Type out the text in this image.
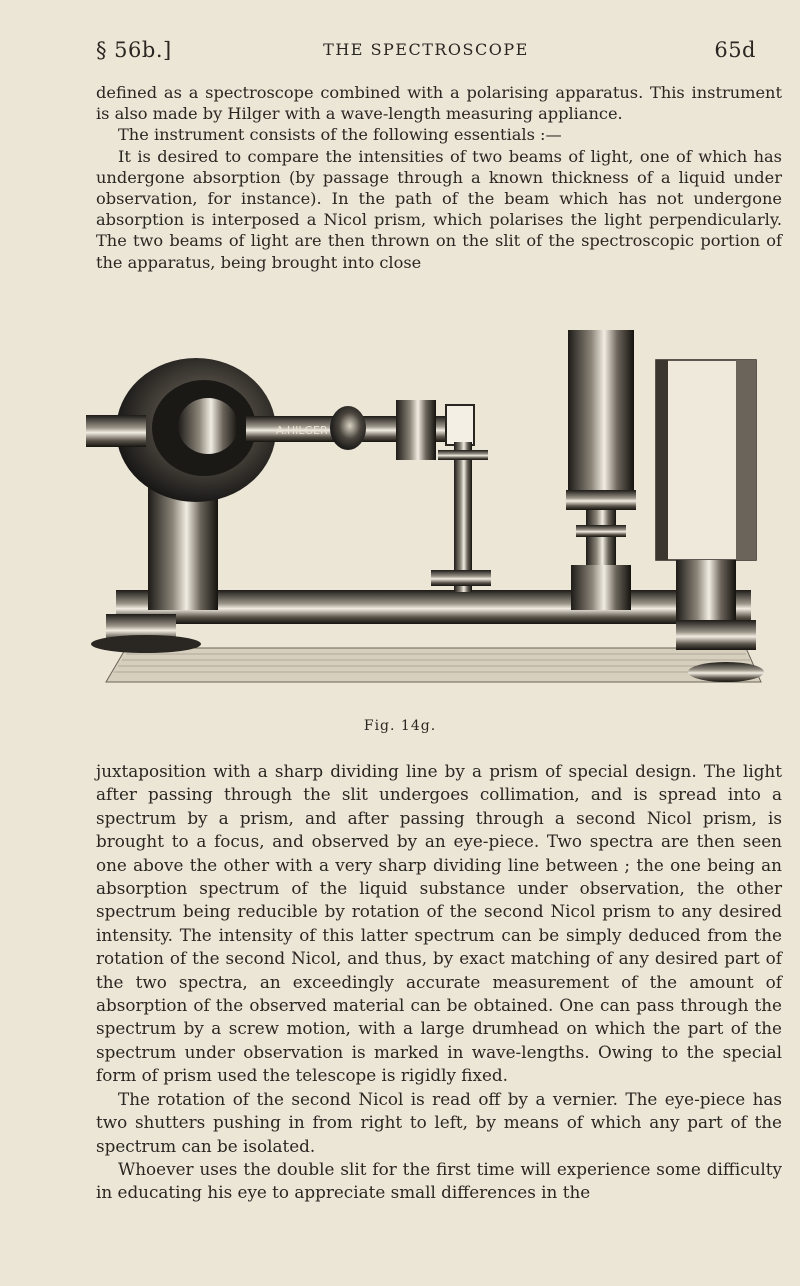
§ 56b.]	THE SPECTROSCOPE	65d

defined as a spectroscope combined with a polarising apparatus. This instrument is also made by Hilger with a wave-length measuring appliance.

The instrument consists of the following essentials :—

It is desired to compare the intensities of two beams of light, one of which has undergone absorption (by passage through a known thickness of a liquid under observation, for instance). In the path of the beam which has not undergone absorption is interposed a Nicol prism, which polarises the light perpendicularly. The two beams of light are then thrown on the slit of the spectroscopic portion of the apparatus, being brought into close

A.HILGER
Fig. 14g.

juxtaposition with a sharp dividing line by a prism of special design. The light after passing through the slit undergoes collimation, and is spread into a spectrum by a prism, and after passing through a second Nicol prism, is brought to a focus, and observed by an eye-piece. Two spectra are then seen one above the other with a very sharp dividing line between ; the one being an absorption spectrum of the liquid substance under observation, the other spectrum being reducible by rotation of the second Nicol prism to any desired intensity. The intensity of this latter spectrum can be simply deduced from the rotation of the second Nicol, and thus, by exact matching of any desired part of the two spectra, an exceedingly accurate measurement of the amount of absorption of the observed material can be obtained. One can pass through the spectrum by a screw motion, with a large drumhead on which the part of the spectrum under observation is marked in wave-lengths. Owing to the special form of prism used the telescope is rigidly fixed.

The rotation of the second Nicol is read off by a vernier. The eye-piece has two shutters pushing in from right to left, by means of which any part of the spectrum can be isolated.

Whoever uses the double slit for the first time will experience some difficulty in educating his eye to appreciate small differences in the
